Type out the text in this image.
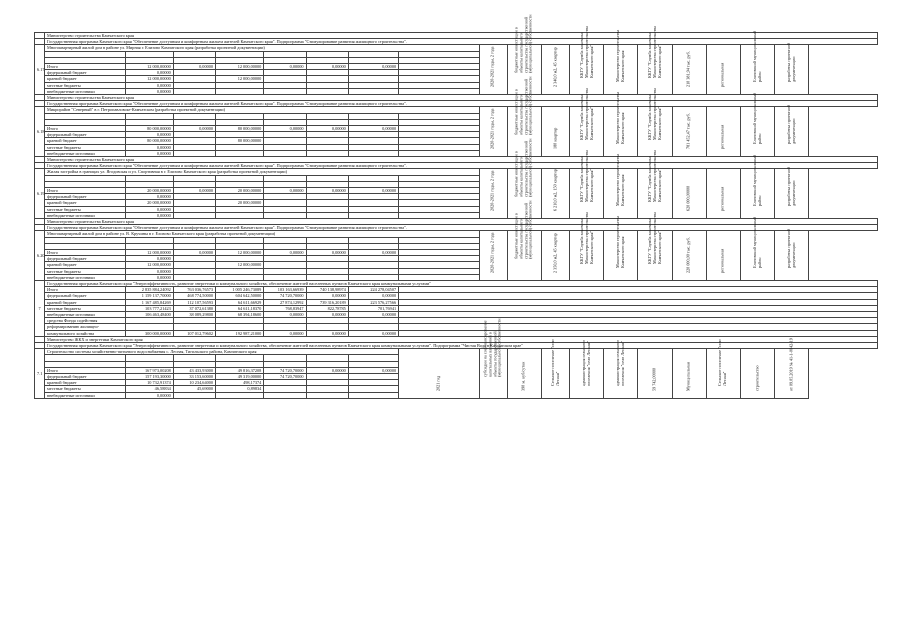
	Министерство строительства Камчатского края																	
	Государственная программа Камчатского края "Обеспечение доступным и комфортным жильем жителей Камчатского края". Подпрограмма "Стимулирование развития жилищного строительства".																	
6.17	Многоквартирный жилой дом в районе ул. Мирная г. Елизово Камчатского края (разработка проектной документации)								2020-2021 годы, 2 года	бюджетные инвестиции в объекты капитального строительства государственной (муниципальной) собственности	2 340,0 м2, 45 квартир	ККГУ "Служба заказчика Министерства строительства Камчатского края"	Министерство строительства Камчатского края	ККГУ "Служба заказчика Министерства строительства Камчатского края"	210 381,94 тыс. руб.	региональная	Елизовский муниципальный район	разработка проектной документации

	Итого	12 000,00000	0,00000	12 000,00000	0,00000	0,00000	0,00000											
	федеральный бюджет	0,00000																
	краевой бюджет	12 000,00000		12 000,00000														
	местные бюджеты	0,00000																
	внебюджетные источники	0,00000																
	Министерство строительства Камчатского края																	
	Государственная программа Камчатского края "Обеспечение доступным и комфортным жильем жителей Камчатского края". Подпрограмма "Стимулирование развития жилищного строительства".																	
6.18	Микрорайон "Северный" в г. Петропавловске-Камчатском (разработка проектной документации)								2020-2021 годы, 2 года	бюджетные инвестиции в объекты капитального строительства государственной (муниципальной) собственности	180 квартир	ККГУ "Служба заказчика Министерства строительства Камчатского края"	Министерство строительства Камчатского края	ККГУ "Служба заказчика Министерства строительства Камчатского края"	781 452,47 тыс. руб.	региональная	Елизовский муниципальный район	разработка проектной документации

	Итого	80 000,00000	0,00000	80 000,00000	0,00000	0,00000	0,00000											
	федеральный бюджет	0,00000																
	краевой бюджет	80 000,00000		80 000,00000														
	местные бюджеты	0,00000																
	внебюджетные источники	0,00000																
	Министерство строительства Камчатского края																	
	Государственная программа Камчатского края "Обеспечение доступным и комфортным жильем жителей Камчатского края". Подпрограмма "Стимулирование развития жилищного строительства".																	
6.19	Жилая застройка в границах ул. Ягодовская и ул. Спортивная в г. Елизово Камчатского края (разработка проектной документации)								2020-2021 годы, 2 года	бюджетные инвестиции в объекты капитального строительства государственной (муниципальной) собственности	6 210,0 м2, 150 квартир	ККГУ "Служба заказчика Министерства строительства Камчатского края"	Министерство строительства Камчатского края	ККГУ "Служба заказчика Министерства строительства Камчатского края"	620 000,00000	региональная	Елизовский муниципальный район	разработка проектной документации

	Итого	20 000,00000	0,00000	20 000,00000	0,00000	0,00000	0,00000											
	федеральный бюджет	0,00000																
	краевой бюджет	20 000,00000		20 000,00000														
	местные бюджеты	0,00000																
	внебюджетные источники	0,00000																
	Министерство строительства Камчатского края																	
	Государственная программа Камчатского края "Обеспечение доступным и комфортным жильем жителей Камчатского края". Подпрограмма "Стимулирование развития жилищного строительства".																	
6.20	Многоквартирный жилой дом в районе ул. В. Кручины в г. Елизово Камчатского края (разработка проектной документации)								2020-2021 годы, 2 года	бюджетные инвестиции в объекты капитального строительства государственной (муниципальной) собственности	2 350,0 м2, 45 квартир	ККГУ "Служба заказчика Министерства строительства Камчатского края"	Министерство строительства Камчатского края	ККГУ "Служба заказчика Министерства строительства Камчатского края"	220 000,00 тыс. руб.	региональная	Елизовский муниципальный район	разработка проектной документации

	Итого	12 000,00000	0,00000	12 000,00000	0,00000	0,00000	0,00000											
	федеральный бюджет	0,00000																
	краевой бюджет	12 000,00000		12 000,00000														
	местные бюджеты	0,00000																
	внебюджетные источники	0,00000																
7	Государственная программа Камчатского края "Энергоэффективность, развитие энергетики и коммунального хозяйства, обеспечение жителей населенных пунктов Камчатского края коммунальными услугами"																	
	Итого	2 835 884,24092	763 036,76573	1 005 246,73089	103 163,66939	740 138,98974	224 278,04507											
	федеральный бюджет	1 159 137,70000	468 774,50000	604 642,50000	74 720,70000	0,00000	0,00000											
	краевой бюджет	1 167 485,84269	112 107,56593	64 611,66929	27 874,12992	739 316,20189	223 576,27566											
	местные бюджеты	103 777,21423	37 072,61380	64 611,18370	768,83947	822,78785	701,76941											
	внебюджетные источники	106 463,48400	38 089,29800	68 394,18600	0,00000	0,00000	0,00000											
	средства Фонда содействия																	
	реформированию жилищно-																	
	коммунального хозяйства	300 000,00000	107 012,79602	192 987,21000	0,00000	0,00000	0,00000											
	Министерство ЖКХ и энергетики Камчатского края																	
	Государственная программа Камчатского края "Энергоэффективность, развитие энергетики и коммунального хозяйства, обеспечение жителей населенных пунктов Камчатского края коммунальными услугами". Подпрограмма "Чистая Вода в Камчатском крае"																	
7.1	Строительство системы хозяйственно-питьевого водоснабжения с. Лесная, Тигильского района, Камчатского края							2021 год	субсидии на софинансирование капитальных вложений в объекты государственной (муниципальной) собственности	390 м. куб/сутки	Сельское поселение "село Лесная"	администрация сельского поселения "село Лесная"	администрация сельского поселения "село Лесная"	59 742,00000	Муниципальная	Сельское поселение "село Лесная"	строительство	от 09.05.2019 № 41-1-0042-19

	Итого	167 973,00208	43 433,93000	49 816,37208	74 720,70000	0,00000	0,00000											
	федеральный бюджет	157 193,30000	33 153,60000	49 319,00000	74 720,70000													
	краевой бюджет	10 732,91374	10 234,64000	498,17374														
	местные бюджеты	46,58834	45,69000	0,89834														
	внебюджетные источники	0,00000																
